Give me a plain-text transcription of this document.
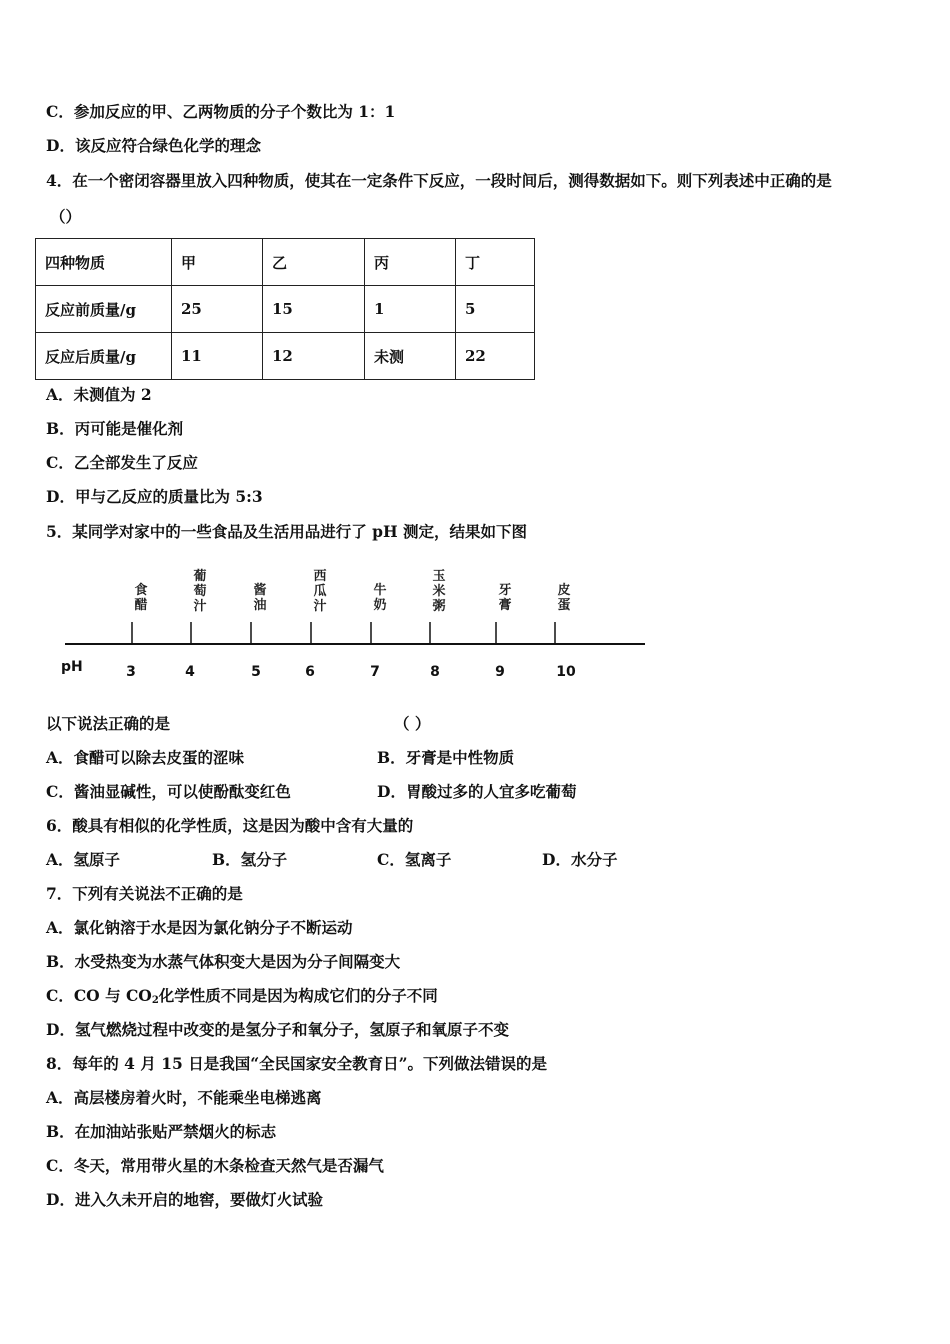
C．参加反应的甲、乙两物质的分子个数比为 1：1
D．该反应符合绿色化学的理念
4．在一个密闭容器里放入四种物质，使其在一定条件下反应，一段时间后，测得数据如下。则下列表述中正确的是
（）
四种物质	甲	乙	丙	丁
反应前质量/g	25	15	1	5
反应后质量/g	11	12	未测	22
A．未测值为 2
B．丙可能是催化剂
C．乙全部发生了反应
D．甲与乙反应的质量比为 5:3
5．某同学对家中的一些食品及生活用品进行了 pH 测定，结果如下图
pH
食
醋
葡
萄
汁
酱
油
西
瓜
汁
牛
奶
玉
米
粥
牙
膏
皮
蛋
3	4	5	6	7	8	9	10
以下说法正确的是	（ ）
A．食醋可以除去皮蛋的涩味	B．牙膏是中性物质
C．酱油显碱性，可以使酚酞变红色	D．胃酸过多的人宜多吃葡萄
6．酸具有相似的化学性质，这是因为酸中含有大量的
A．氢原子	B．氢分子	C．氢离子	D．水分子
7．下列有关说法不正确的是
A．氯化钠溶于水是因为氯化钠分子不断运动
B．水受热变为水蒸气体积变大是因为分子间隔变大
C．CO 与 $CO_2$化学性质不同是因为构成它们的分子不同
D．氢气燃烧过程中改变的是氢分子和氧分子，氢原子和氧原子不变
8．每年的 4 月 15 日是我国“全民国家安全教育日”。下列做法错误的是
A．高层楼房着火时，不能乘坐电梯逃离
B．在加油站张贴严禁烟火的标志
C．冬天，常用带火星的木条检查天然气是否漏气
D．进入久未开启的地窖，要做灯火试验
